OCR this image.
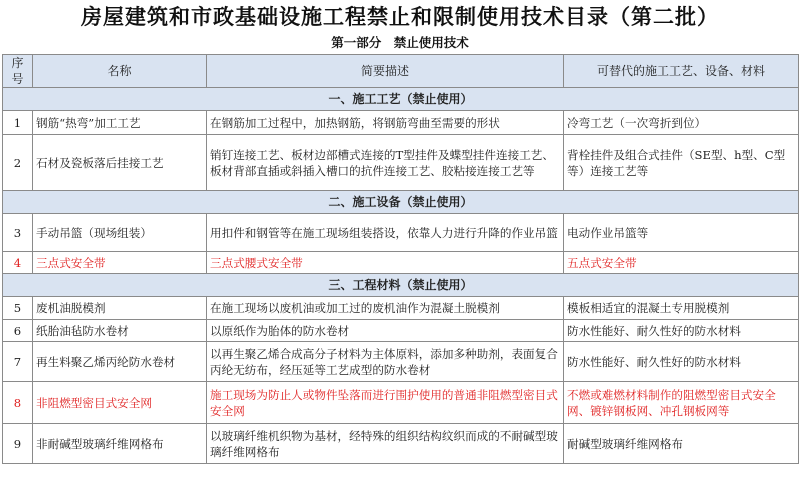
房屋建筑和市政基础设施工程禁止和限制使用技术目录（第二批）
第一部分　禁止使用技术
序号	名称	简要描述	可替代的施工工艺、设备、材料
一、施工工艺（禁止使用）			
1	钢筋“热弯”加工工艺	在钢筋加工过程中，加热钢筋，将钢筋弯曲至需要的形状	冷弯工艺（一次弯折到位）
2	石材及瓷板落后挂接工艺	销钉连接工艺、板材边部槽式连接的T型挂件及蝶型挂件连接工艺、板材背部直插或斜插入槽口的抗件连接工艺、胶粘接连接工艺等	背栓挂件及组合式挂件（SE型、h型、C型等）连接工艺等
二、施工设备（禁止使用）			
3	手动吊篮（现场组装）	用扣件和钢管等在施工现场组装搭设，依靠人力进行升降的作业吊篮	电动作业吊篮等
4	三点式安全带	三点式腰式安全带	五点式安全带
三、工程材料（禁止使用）			
5	废机油脱模剂	在施工现场以废机油或加工过的废机油作为混凝土脱模剂	模板相适宜的混凝土专用脱模剂
6	纸胎油毡防水卷材	以原纸作为胎体的防水卷材	防水性能好、耐久性好的防水材料
7	再生料聚乙烯丙纶防水卷材	以再生聚乙烯合成高分子材料为主体原料，添加多种助剂，表面复合丙纶无纺布，经压延等工艺成型的防水卷材	防水性能好、耐久性好的防水材料
8	非阻燃型密目式安全网	施工现场为防止人或物件坠落而进行围护使用的普通非阻燃型密目式安全网	不燃或难燃材料制作的阻燃型密目式安全网、镀锌钢板网、冲孔钢板网等
9	非耐碱型玻璃纤维网格布	以玻璃纤维机织物为基材，经特殊的组织结构纹织而成的不耐碱型玻璃纤维网格布	耐碱型玻璃纤维网格布
